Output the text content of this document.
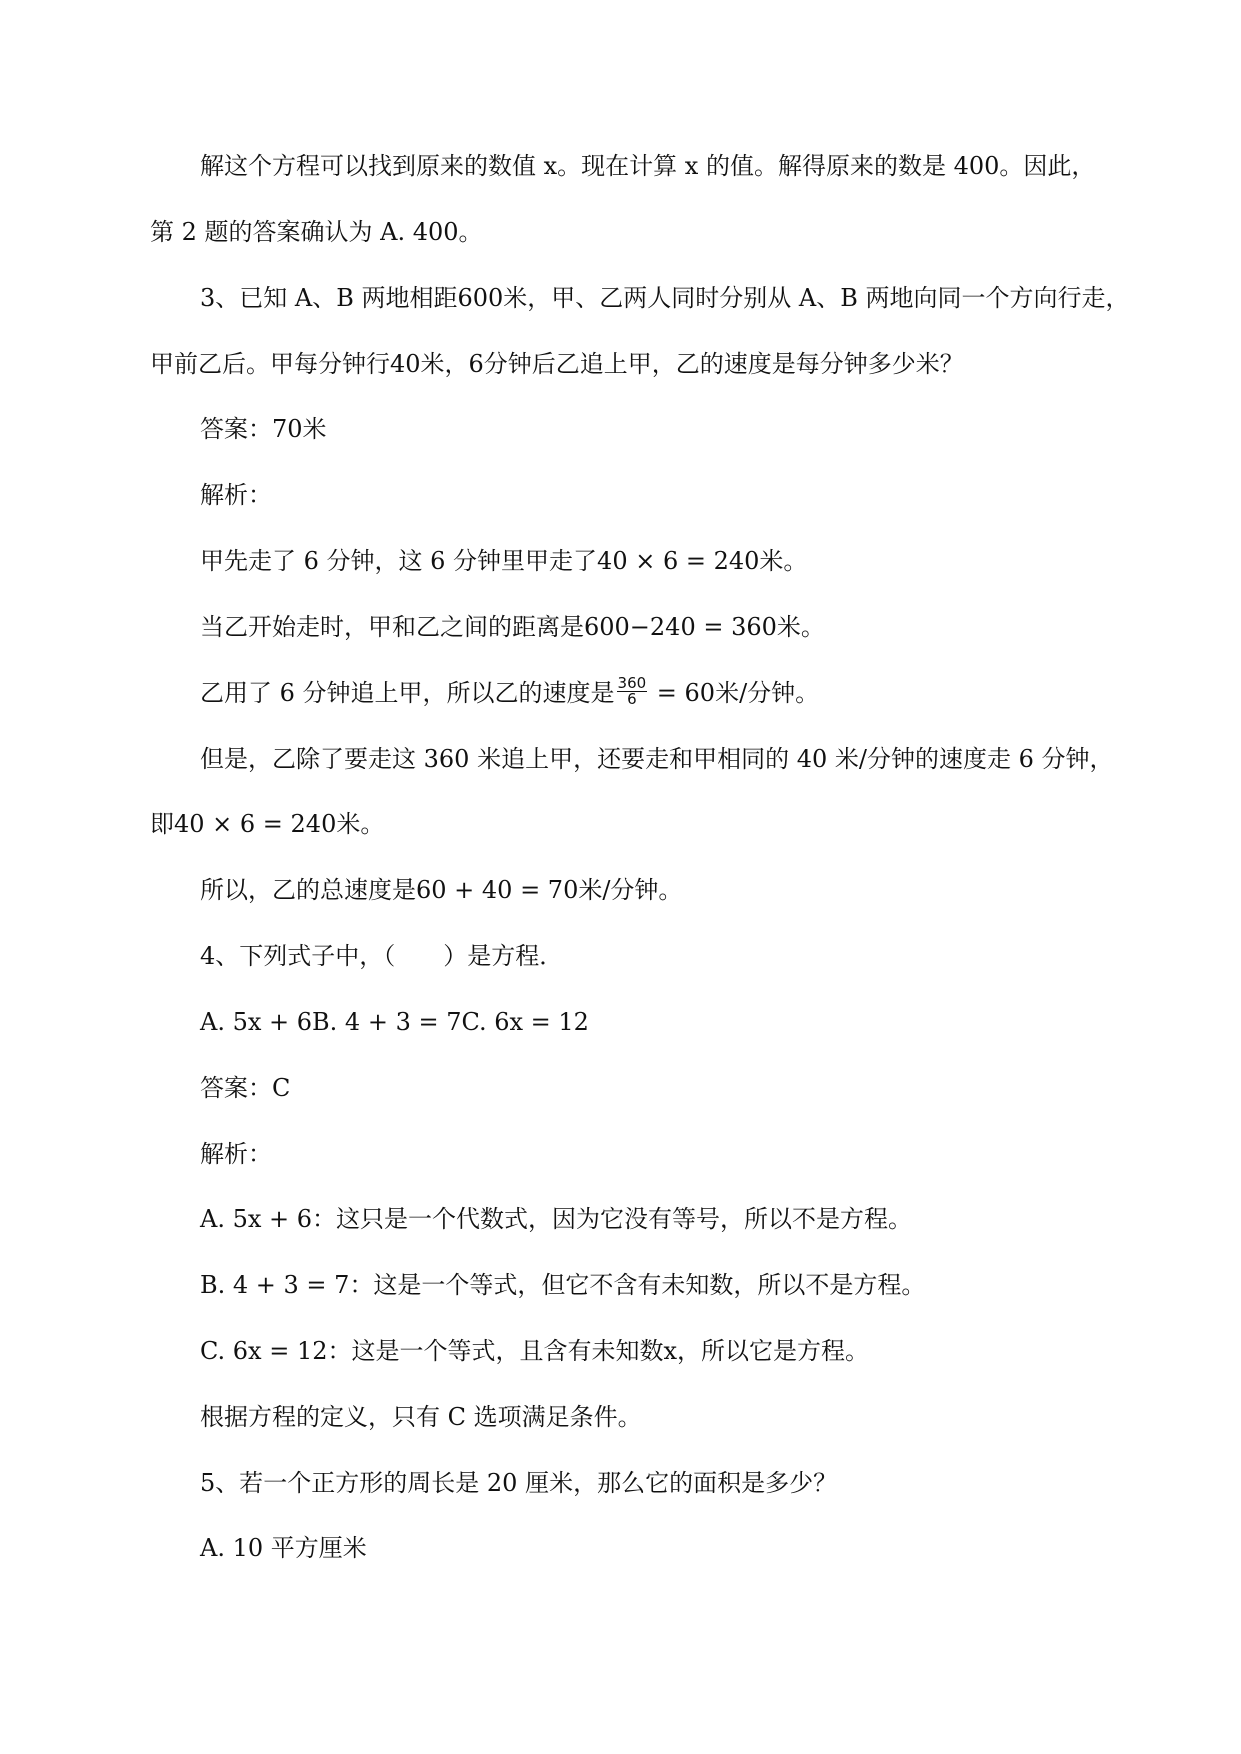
解这个方程可以找到原来的数值 x。现在计算 x 的值。解得原来的数是 400。因此，
第 2 题的答案确认为 A. 400。
3、已知 A、B 两地相距600米，甲、乙两人同时分别从 A、B 两地向同一个方向行走，
甲前乙后。甲每分钟行40米，6分钟后乙追上甲，乙的速度是每分钟多少米？
答案：70米
解析：
甲先走了 6 分钟，这 6 分钟里甲走了40 × 6 = 240米。
当乙开始走时，甲和乙之间的距离是600−240 = 360米。
乙用了 6 分钟追上甲，所以乙的速度是 $\frac{360}{6} = 60$米/分钟。
但是，乙除了要走这 360 米追上甲，还要走和甲相同的 40 米/分钟的速度走 6 分钟，
即40 × 6 = 240米。
所以，乙的总速度是60 + 40 = 70米/分钟。
4、下列式子中，（　　）是方程．
A. 5x + 6B. 4 + 3 = 7C. 6x = 12
答案：C
解析：
A. 5x + 6：这只是一个代数式，因为它没有等号，所以不是方程。
B. 4 + 3 = 7：这是一个等式，但它不含有未知数，所以不是方程。
C. 6x = 12：这是一个等式，且含有未知数x，所以它是方程。
根据方程的定义，只有 C 选项满足条件。
5、若一个正方形的周长是 20 厘米，那么它的面积是多少？
A. 10 平方厘米
